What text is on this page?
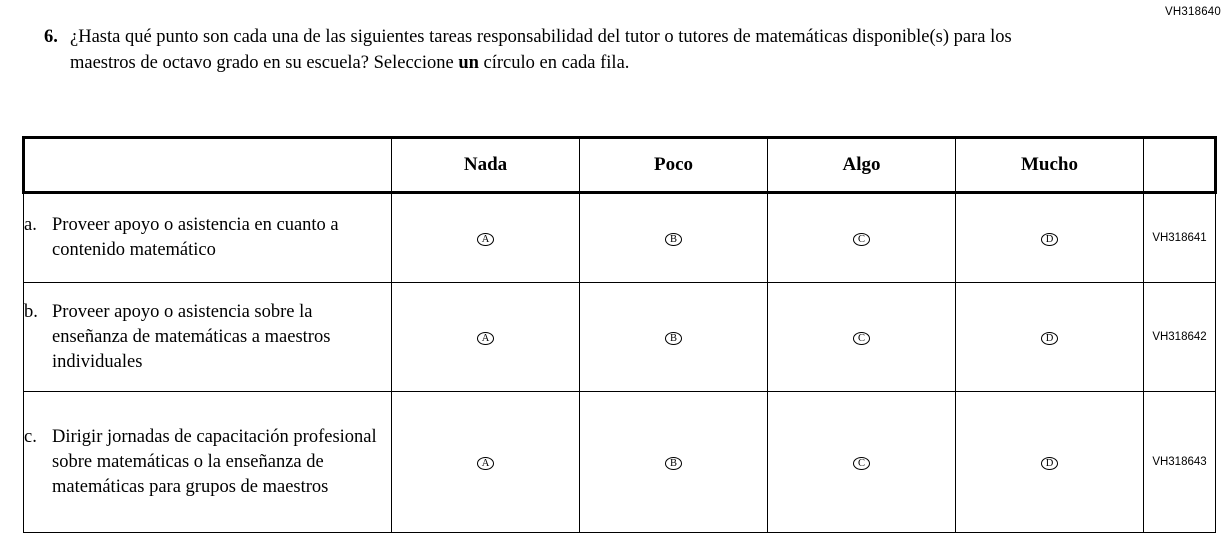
VH318640
6. ¿Hasta qué punto son cada una de las siguientes tareas responsabilidad del tutor o tutores de matemáticas disponible(s) para los maestros de octavo grado en su escuela? Seleccione un círculo en cada fila.
	Nada	Poco	Algo	Mucho	

a. Proveer apoyo o asistencia en cuanto a contenido matemático	A	B	C	D	VH318641

b. Proveer apoyo o asistencia sobre la enseñanza de matemáticas a maestros individuales	A	B	C	D	VH318642

c. Dirigir jornadas de capacitación profesional sobre matemáticas o la enseñanza de matemáticas para grupos de maestros	A	B	C	D	VH318643
